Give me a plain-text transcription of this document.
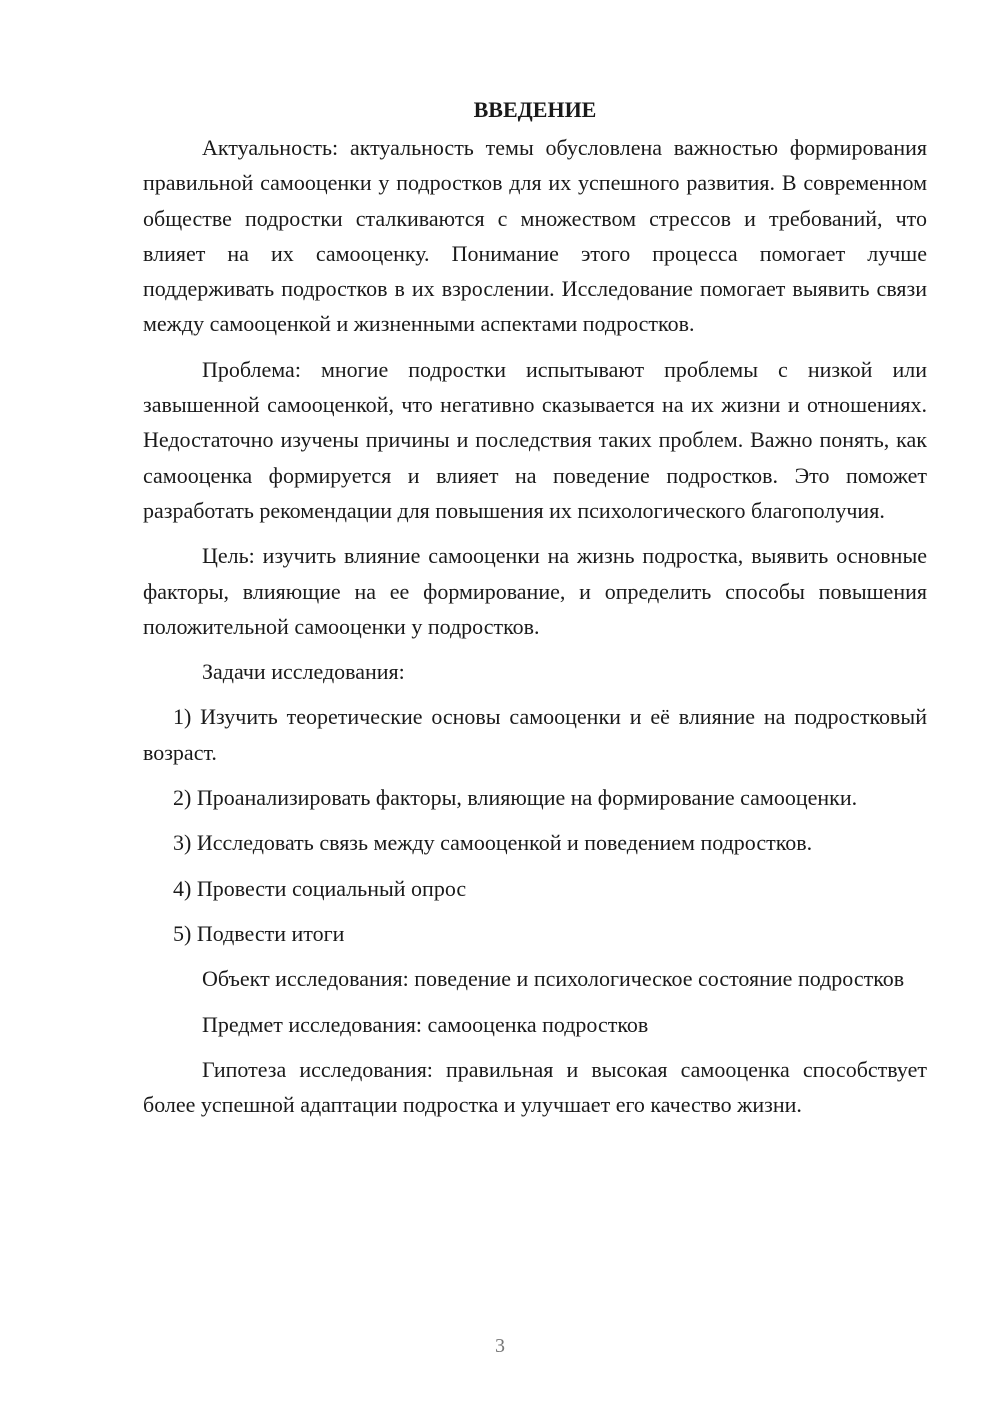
ВВЕДЕНИЕ

Актуальность: актуальность темы обусловлена важностью формирования правильной самооценки у подростков для их успешного развития. В современном обществе подростки сталкиваются с множеством стрессов и требований, что влияет на их самооценку. Понимание этого процесса помогает лучше поддерживать подростков в их взрослении. Исследование помогает выявить связи между самооценкой и жизненными аспектами подростков.

Проблема: многие подростки испытывают проблемы с низкой или завышенной самооценкой, что негативно сказывается на их жизни и отношениях. Недостаточно изучены причины и последствия таких проблем. Важно понять, как самооценка формируется и влияет на поведение подростков. Это поможет разработать рекомендации для повышения их психологического благополучия.

Цель: изучить влияние самооценки на жизнь подростка, выявить основные факторы, влияющие на ее формирование, и определить способы повышения положительной самооценки у подростков.

Задачи исследования:

1) Изучить теоретические основы самооценки и её влияние на подростковый возраст.

2) Проанализировать факторы, влияющие на формирование самооценки.

3) Исследовать связь между самооценкой и поведением подростков.

4) Провести социальный опрос

5) Подвести итоги

Объект исследования: поведение и психологическое состояние подростков

Предмет исследования: самооценка подростков

Гипотеза исследования: правильная и высокая самооценка способствует более успешной адаптации подростка и улучшает его качество жизни.

3
